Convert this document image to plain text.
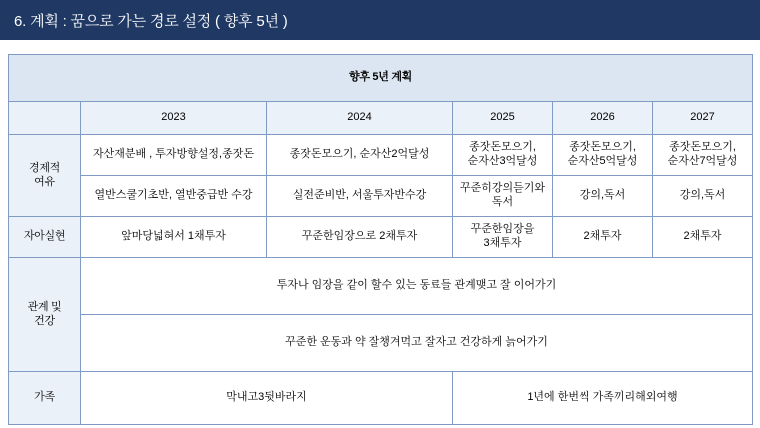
6. 계획 : 꿈으로 가는 경로 설정 ( 향후 5년 )
향후 5년 계획					
	2023	2024	2025	2026	2027
경제적
여유	자산재분배 , 투자방향설정,종잣돈	종잣돈모으기, 순자산2억달성	종잣돈모으기,순자산3억달성	종잣돈모으기,순자산5억달성	종잣돈모으기,순자산7억달성
	열반스쿨기초반, 열반중급반 수강	실전준비반, 서울투자반수강	꾸준히강의듣기와 독서	강의,독서	강의,독서
자아실현	앞마당넓혀서 1채투자	꾸준한임장으로 2채투자	꾸준한임장을 3채투자	2채투자	2채투자
관계 및
건강	투자나 임장을 같이 할수 있는 동료들 관계맺고 잘 이어가기				
	꾸준한 운동과 약 잘챙겨먹고 잘자고 건강하게 늙어가기				
가족	막내고3뒷바라지		1년에 한번씩 가족끼리해외여행		
